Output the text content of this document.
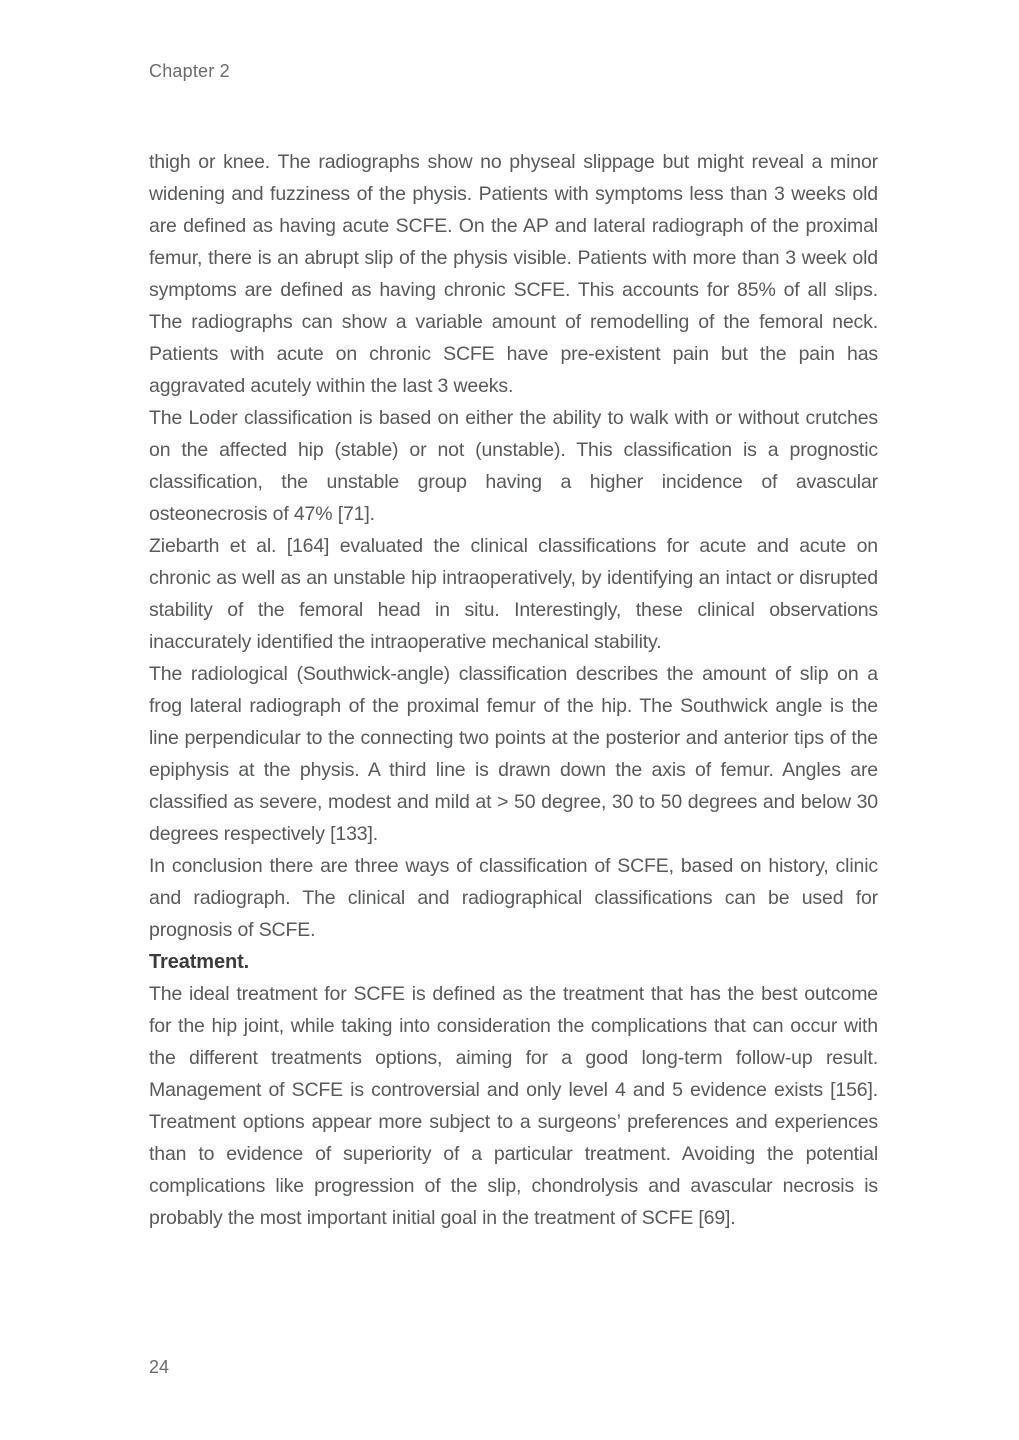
Chapter 2

thigh or knee. The radiographs show no physeal slippage but might reveal a minor widening and fuzziness of the physis. Patients with symptoms less than 3 weeks old are defined as having acute SCFE. On the AP and lateral radiograph of the proximal femur, there is an abrupt slip of the physis visible. Patients with more than 3 week old symptoms are defined as having chronic SCFE. This accounts for 85% of all slips. The radiographs can show a variable amount of remodelling of the femoral neck. Patients with acute on chronic SCFE have pre-existent pain but the pain has aggravated acutely within the last 3 weeks.

The Loder classification is based on either the ability to walk with or without crutches on the affected hip (stable) or not (unstable). This classification is a prognostic classification, the unstable group having a higher incidence of avascular osteonecrosis of 47% [71].

Ziebarth et al. [164] evaluated the clinical classifications for acute and acute on chronic as well as an unstable hip intraoperatively, by identifying an intact or disrupted stability of the femoral head in situ. Interestingly, these clinical observations inaccurately identified the intraoperative mechanical stability.

The radiological (Southwick-angle) classification describes the amount of slip on a frog lateral radiograph of the proximal femur of the hip. The Southwick angle is the line perpendicular to the connecting two points at the posterior and anterior tips of the epiphysis at the physis. A third line is drawn down the axis of femur. Angles are classified as severe, modest and mild at > 50 degree, 30 to 50 degrees and below 30 degrees respectively [133].

In conclusion there are three ways of classification of SCFE, based on history, clinic and radiograph. The clinical and radiographical classifications can be used for prognosis of SCFE.

Treatment.

The ideal treatment for SCFE is defined as the treatment that has the best outcome for the hip joint, while taking into consideration the complications that can occur with the different treatments options, aiming for a good long-term follow-up result. Management of SCFE is controversial and only level 4 and 5 evidence exists [156]. Treatment options appear more subject to a surgeons’ preferences and experiences than to evidence of superiority of a particular treatment. Avoiding the potential complications like progression of the slip, chondrolysis and avascular necrosis is probably the most important initial goal in the treatment of SCFE [69].

24
